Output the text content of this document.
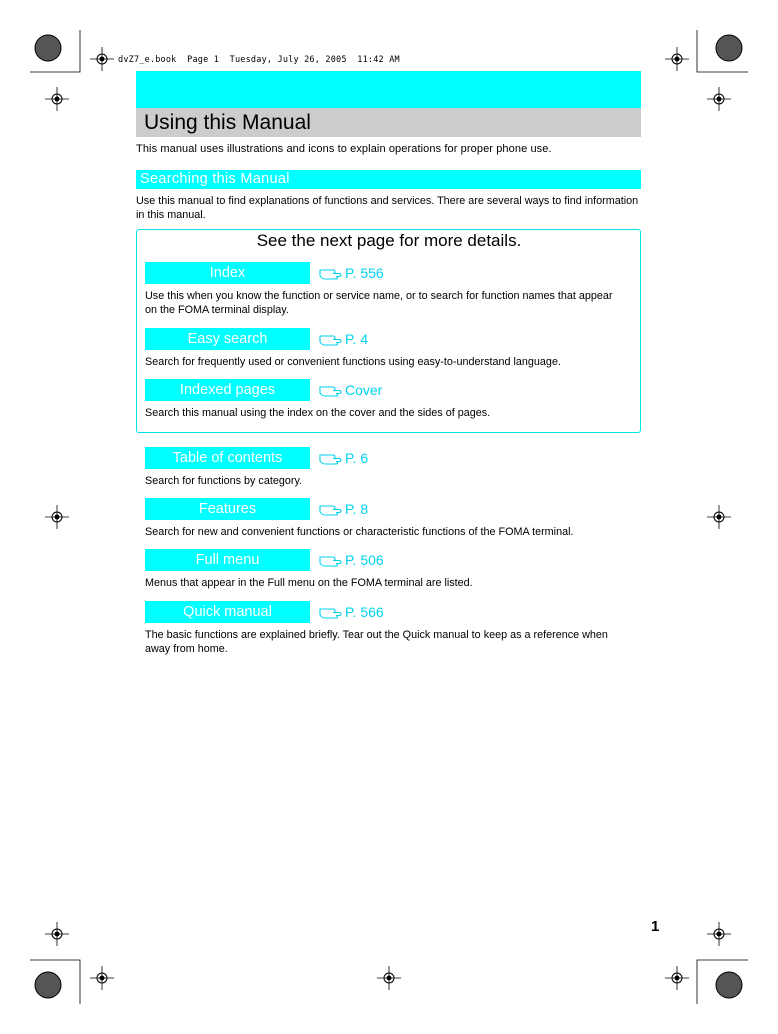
dvZ7_e.book  Page 1  Tuesday, July 26, 2005  11:42 AM
Using this Manual
This manual uses illustrations and icons to explain operations for proper phone use.
Searching this Manual
Use this manual to find explanations of functions and services. There are several ways to find information in this manual.
See the next page for more details.
Index	P. 556
Use this when you know the function or service name, or to search for function names that appear on the FOMA terminal display.
Easy search	P. 4
Search for frequently used or convenient functions using easy-to-understand language.
Indexed pages	Cover
Search this manual using the index on the cover and the sides of pages.
Table of contents	P. 6
Search for functions by category.
Features	P. 8
Search for new and convenient functions or characteristic functions of the FOMA terminal.
Full menu	P. 506
Menus that appear in the Full menu on the FOMA terminal are listed.
Quick manual	P. 566
The basic functions are explained briefly. Tear out the Quick manual to keep as a reference when away from home.
1
